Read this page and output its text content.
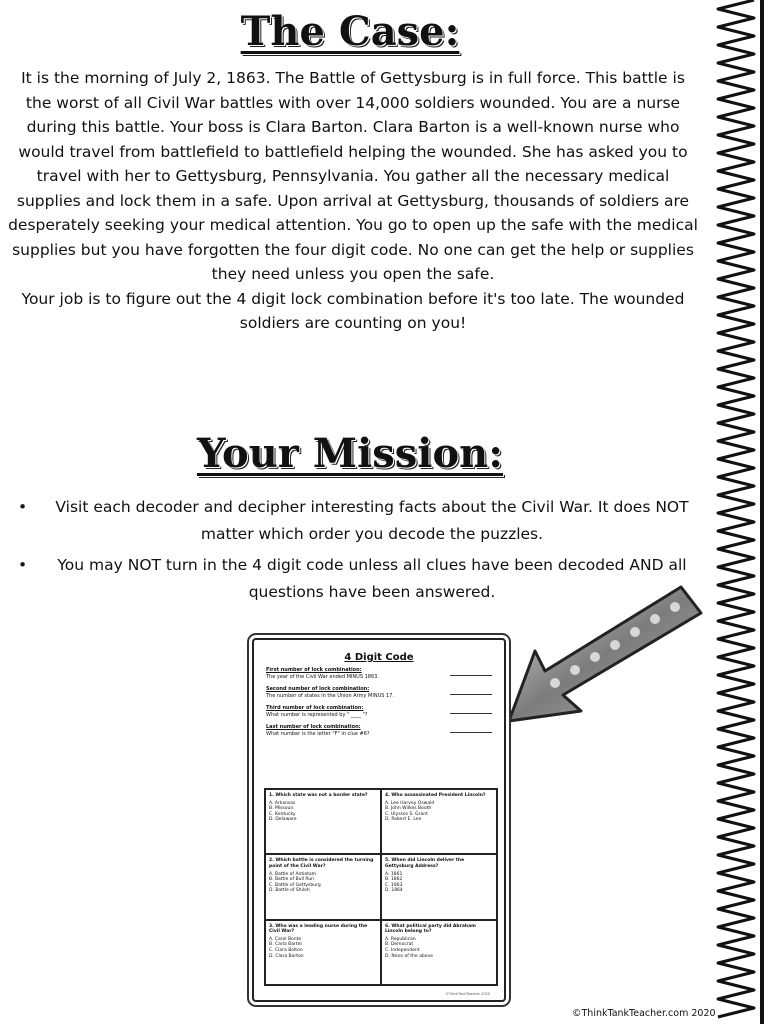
The Case:

It is the morning of July 2, 1863. The Battle of Gettysburg is in full force. This battle is the worst of all Civil War battles with over 14,000 soldiers wounded. You are a nurse during this battle. Your boss is Clara Barton. Clara Barton is a well-known nurse who would travel from battlefield to battlefield helping the wounded. She has asked you to travel with her to Gettysburg, Pennsylvania. You gather all the necessary medical supplies and lock them in a safe. Upon arrival at Gettysburg, thousands of soldiers are desperately seeking your medical attention. You go to open up the safe with the medical supplies but you have forgotten the four digit code. No one can get the help or supplies they need unless you open the safe.

Your job is to figure out the 4 digit lock combination before it's too late. The wounded soldiers are counting on you!

Your Mission:
• Visit each decoder and decipher interesting facts about the Civil War. It does NOT matter which order you decode the puzzles.
• You may NOT turn in the 4 digit code unless all clues have been decoded AND all questions have been answered.
4 Digit Code
First number of lock combination:
The year of the Civil War ended MINUS 1863.
Second number of lock combination:
The number of states in the Union Army MINUS 17.
Third number of lock combination:
What number is represented by " ____ "?
Last number of lock combination:
What number is the letter "F" in clue #6?
1. Which state was not a border state?
A. Arkansas
B. Missouri
C. Kentucky
D. Delaware
4. Who assassinated President Lincoln?
A. Lee Harvey Oswald
B. John Wilkes Booth
C. Ulysses S. Grant
D. Robert E. Lee
2. Which battle is considered the turning point of the Civil War?
A. Battle of Antietam
B. Battle of Bull Run
C. Battle of Gettysburg
D. Battle of Shiloh
5. When did Lincoln deliver the Gettysburg Address?
A. 1861
B. 1862
C. 1863
D. 1864
3. Who was a leading nurse during the Civil War?
A. Carol Bonte
B. Carla Barter
C. Clara Bolton
D. Clara Barton
6. What political party did Abraham Lincoln belong to?
A. Republican
B. Democrat
C. Independent
D. None of the above
©ThinkTankTeacher 2020
©ThinkTankTeacher.com 2020
